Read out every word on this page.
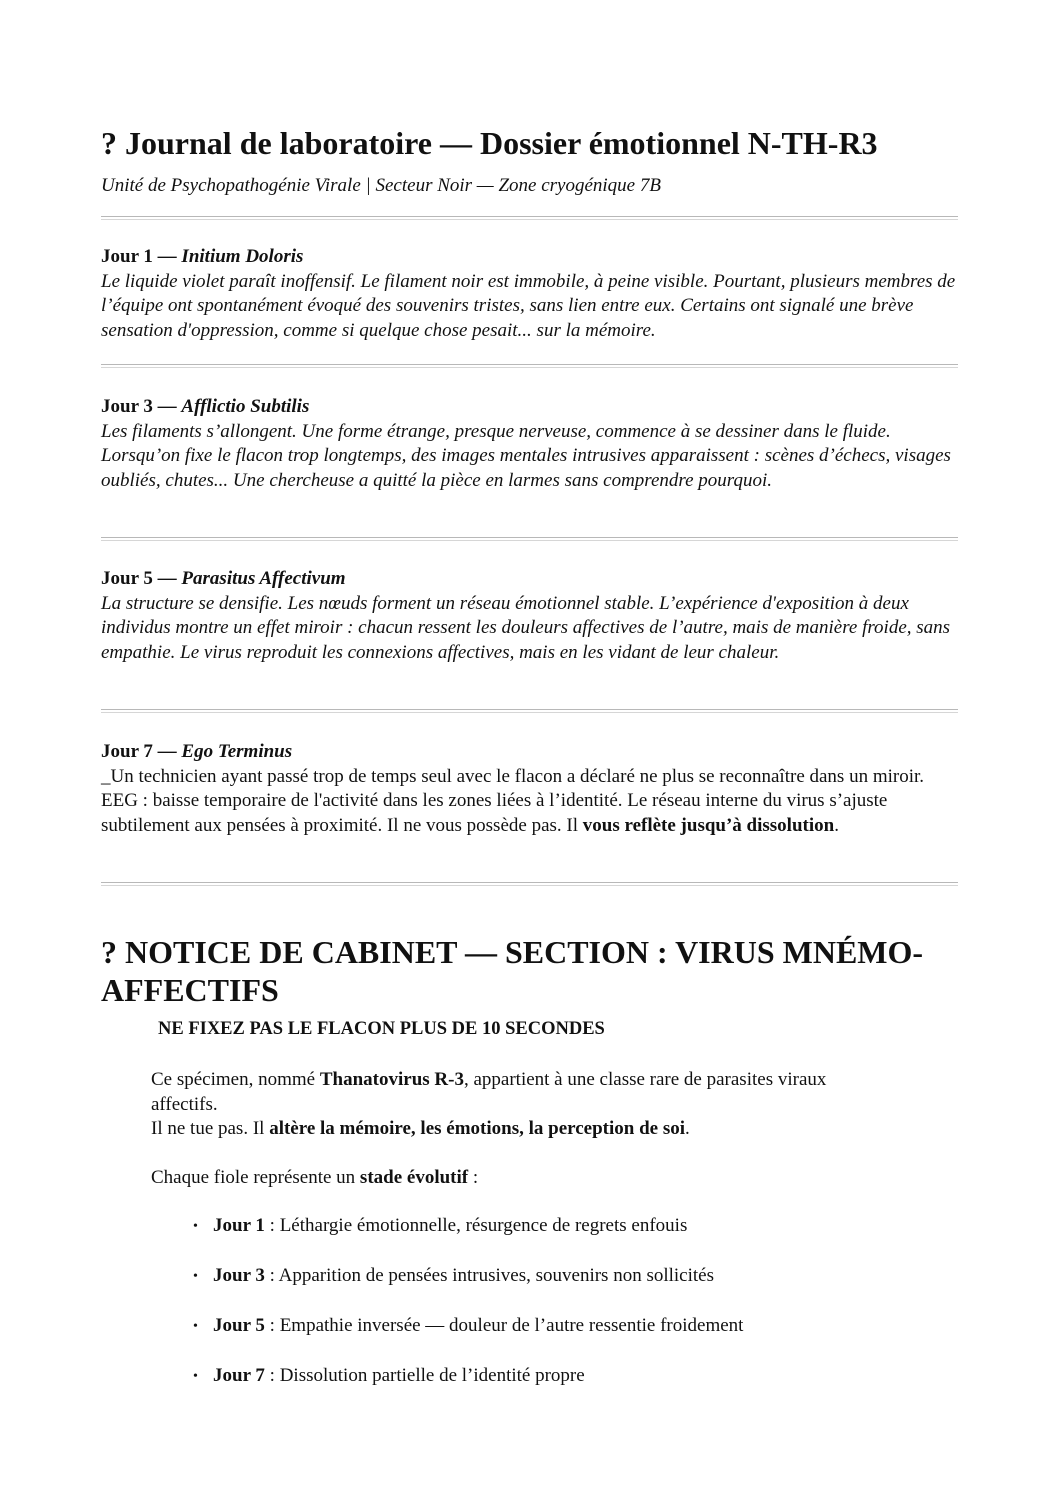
? Journal de laboratoire — Dossier émotionnel N-TH-R3
Unité de Psychopathogénie Virale | Secteur Noir — Zone cryogénique 7B
Jour 1 — Initium Doloris
Le liquide violet paraît inoffensif. Le filament noir est immobile, à peine visible. Pourtant, plusieurs membres de l’équipe ont spontanément évoqué des souvenirs tristes, sans lien entre eux. Certains ont signalé une brève sensation d'oppression, comme si quelque chose pesait... sur la mémoire.
Jour 3 — Afflictio Subtilis
Les filaments s’allongent. Une forme étrange, presque nerveuse, commence à se dessiner dans le fluide. Lorsqu’on fixe le flacon trop longtemps, des images mentales intrusives apparaissent : scènes d’échecs, visages oubliés, chutes... Une chercheuse a quitté la pièce en larmes sans comprendre pourquoi.
Jour 5 — Parasitus Affectivum
La structure se densifie. Les nœuds forment un réseau émotionnel stable. L’expérience d'exposition à deux individus montre un effet miroir : chacun ressent les douleurs affectives de l’autre, mais de manière froide, sans empathie. Le virus reproduit les connexions affectives, mais en les vidant de leur chaleur.
Jour 7 — Ego Terminus
_Un technicien ayant passé trop de temps seul avec le flacon a déclaré ne plus se reconnaître dans un miroir. EEG : baisse temporaire de l'activité dans les zones liées à l’identité. Le réseau interne du virus s’ajuste subtilement aux pensées à proximité. Il ne vous possède pas. Il vous reflète jusqu’à dissolution.
? NOTICE DE CABINET — SECTION : VIRUS MNÉMO-AFFECTIFS
NE FIXEZ PAS LE FLACON PLUS DE 10 SECONDES
Ce spécimen, nommé Thanatovirus R-3, appartient à une classe rare de parasites viraux affectifs.
Il ne tue pas. Il altère la mémoire, les émotions, la perception de soi.
Chaque fiole représente un stade évolutif :
• Jour 1 : Léthargie émotionnelle, résurgence de regrets enfouis
• Jour 3 : Apparition de pensées intrusives, souvenirs non sollicités
• Jour 5 : Empathie inversée — douleur de l’autre ressentie froidement
• Jour 7 : Dissolution partielle de l’identité propre
